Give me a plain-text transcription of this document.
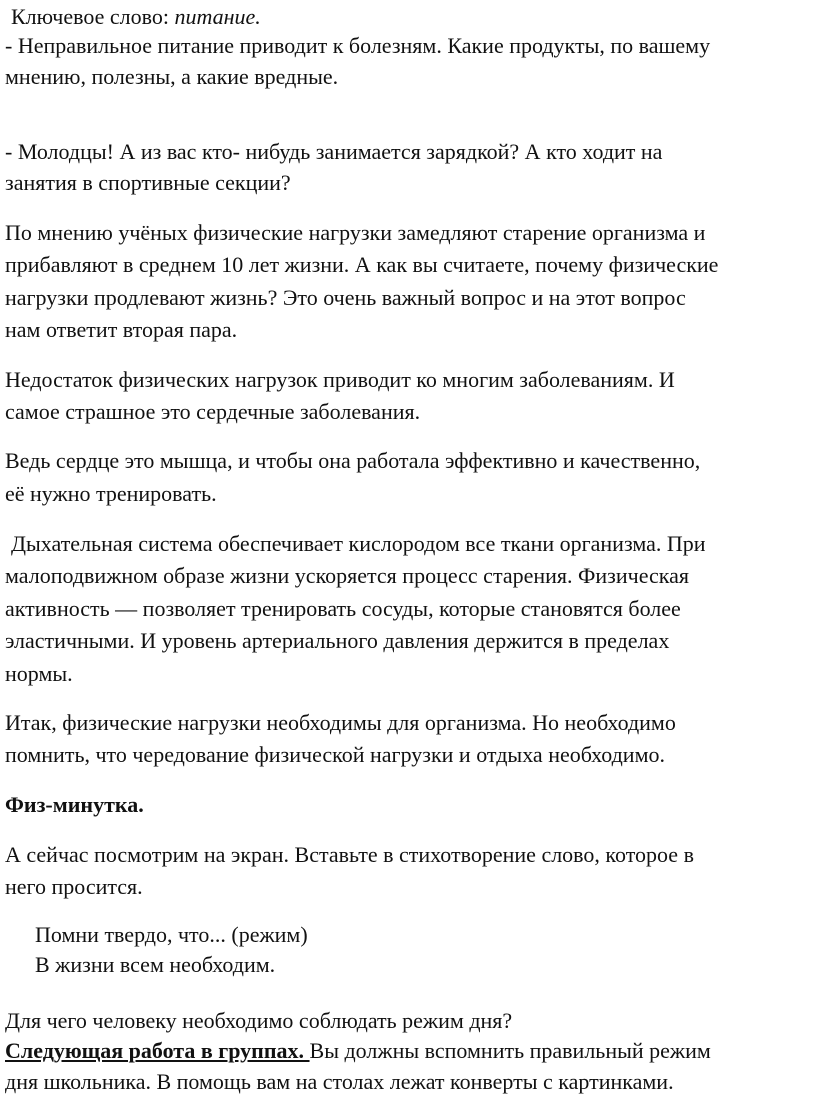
Ключевое слово: питание.
- Неправильное питание приводит к болезням. Какие продукты, по вашему
мнению, полезны, а какие вредные.
- Молодцы! А из вас кто- нибудь занимается зарядкой? А кто ходит на
занятия в спортивные секции?
По мнению учёных физические нагрузки замедляют старение организма и
прибавляют в среднем 10 лет жизни. А как вы считаете, почему физические
нагрузки продлевают жизнь? Это очень важный вопрос и на этот вопрос
нам ответит вторая пара.
Недостаток физических нагрузок приводит ко многим заболеваниям. И
самое страшное это сердечные заболевания.
Ведь сердце это мышца, и чтобы она работала эффективно и качественно,
её нужно тренировать.
Дыхательная система обеспечивает кислородом все ткани организма. При
малоподвижном образе жизни ускоряется процесс старения. Физическая
активность — позволяет тренировать сосуды, которые становятся более
эластичными. И уровень артериального давления держится в пределах
нормы.
Итак, физические нагрузки необходимы для организма. Но необходимо
помнить, что чередование физической нагрузки и отдыха необходимо.
Физ-минутка.
А сейчас посмотрим на экран. Вставьте в стихотворение слово, которое в
него просится.
Помни твердо, что... (режим)
В жизни всем необходим.
Для чего человеку необходимо соблюдать режим дня?
Следующая работа в группах. Вы должны вспомнить правильный режим
дня школьника. В помощь вам на столах лежат конверты с картинками.
